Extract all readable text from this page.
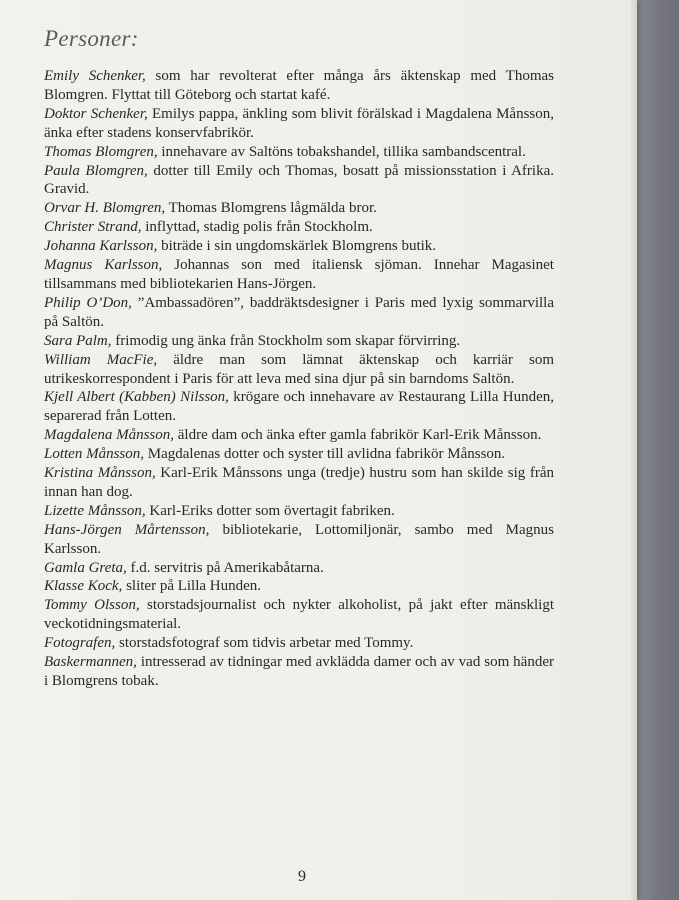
Personer:

Emily Schenker, som har revolterat efter många års äktenskap med Thomas Blomgren. Flyttat till Göteborg och startat kafé.

Doktor Schenker, Emilys pappa, änkling som blivit förälskad i Magdalena Månsson, änka efter stadens konservfabrikör.

Thomas Blomgren, innehavare av Saltöns tobakshandel, tillika sambandscentral.

Paula Blomgren, dotter till Emily och Thomas, bosatt på missionsstation i Afrika. Gravid.

Orvar H. Blomgren, Thomas Blomgrens lågmälda bror.

Christer Strand, inflyttad, stadig polis från Stockholm.

Johanna Karlsson, biträde i sin ungdomskärlek Blomgrens butik.

Magnus Karlsson, Johannas son med italiensk sjöman. Innehar Magasinet tillsammans med bibliotekarien Hans-Jörgen.

Philip O’Don, ”Ambassadören”, baddräktsdesigner i Paris med lyxig sommarvilla på Saltön.

Sara Palm, frimodig ung änka från Stockholm som skapar förvirring.

William MacFie, äldre man som lämnat äktenskap och karriär som utrikeskorrespondent i Paris för att leva med sina djur på sin barndoms Saltön.

Kjell Albert (Kabben) Nilsson, krögare och innehavare av Restaurang Lilla Hunden, separerad från Lotten.

Magdalena Månsson, äldre dam och änka efter gamla fabrikör Karl-Erik Månsson.

Lotten Månsson, Magdalenas dotter och syster till avlidna fabrikör Månsson.

Kristina Månsson, Karl-Erik Månssons unga (tredje) hustru som han skilde sig från innan han dog.

Lizette Månsson, Karl-Eriks dotter som övertagit fabriken.

Hans-Jörgen Mårtensson, bibliotekarie, Lottomiljonär, sambo med Magnus Karlsson.

Gamla Greta, f.d. servitris på Amerikabåtarna.

Klasse Kock, sliter på Lilla Hunden.

Tommy Olsson, storstadsjournalist och nykter alkoholist, på jakt efter mänskligt veckotidningsmaterial.

Fotografen, storstadsfotograf som tidvis arbetar med Tommy.

Baskermannen, intresserad av tidningar med avklädda damer och av vad som händer i Blomgrens tobak.

9
